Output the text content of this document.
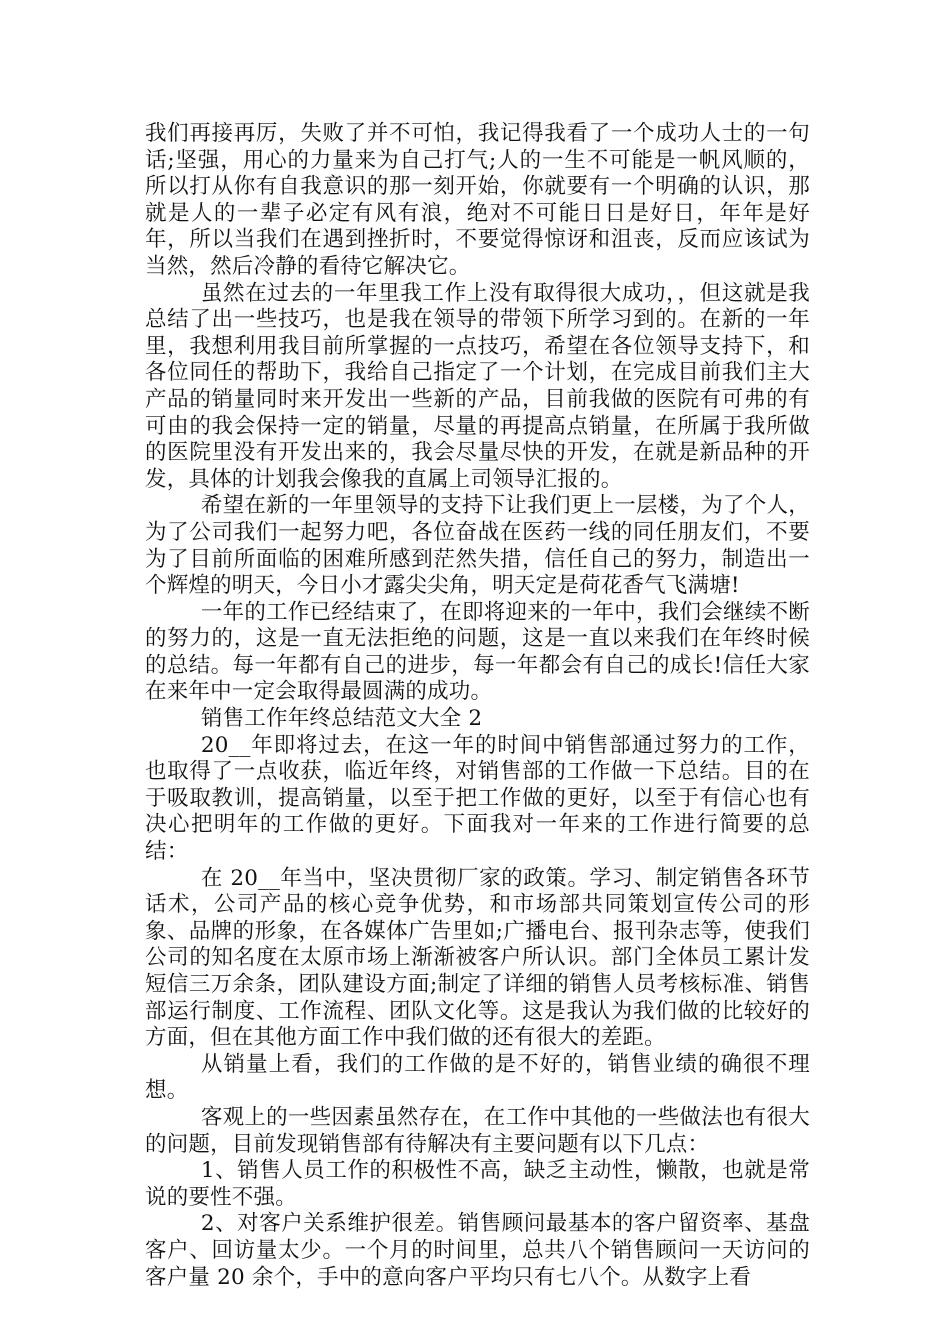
我们再接再厉，失败了并不可怕，我记得我看了一个成功人士的一句话;坚强，用心的力量来为自己打气;人的一生不可能是一帆风顺的，所以打从你有自我意识的那一刻开始，你就要有一个明确的认识，那就是人的一辈子必定有风有浪，绝对不可能日日是好日，年年是好年，所以当我们在遇到挫折时，不要觉得惊讶和沮丧，反而应该试为当然，然后冷静的看待它解决它。

虽然在过去的一年里我工作上没有取得很大成功，，但这就是我总结了出一些技巧，也是我在领导的带领下所学习到的。在新的一年里，我想利用我目前所掌握的一点技巧，希望在各位领导支持下，和各位同任的帮助下，我给自己指定了一个计划，在完成目前我们主大产品的销量同时来开发出一些新的产品，目前我做的医院有可弗的有可由的我会保持一定的销量，尽量的再提高点销量，在所属于我所做的医院里没有开发出来的，我会尽量尽快的开发，在就是新品种的开发，具体的计划我会像我的直属上司领导汇报的。

希望在新的一年里领导的支持下让我们更上一层楼，为了个人，为了公司我们一起努力吧，各位奋战在医药一线的同任朋友们，不要为了目前所面临的困难所感到茫然失措，信任自己的努力，制造出一个辉煌的明天，今日小才露尖尖角，明天定是荷花香气飞满塘!

一年的工作已经结束了，在即将迎来的一年中，我们会继续不断的努力的，这是一直无法拒绝的问题，这是一直以来我们在年终时候的总结。每一年都有自己的进步，每一年都会有自己的成长!信任大家在来年中一定会取得最圆满的成功。

销售工作年终总结范文大全 2

20__年即将过去，在这一年的时间中销售部通过努力的工作，也取得了一点收获，临近年终，对销售部的工作做一下总结。目的在于吸取教训，提高销量，以至于把工作做的更好，以至于有信心也有决心把明年的工作做的更好。下面我对一年来的工作进行简要的总结：

在 20__年当中，坚决贯彻厂家的政策。学习、制定销售各环节话术，公司产品的核心竞争优势，和市场部共同策划宣传公司的形象、品牌的形象，在各媒体广告里如;广播电台、报刊杂志等，使我们公司的知名度在太原市场上渐渐被客户所认识。部门全体员工累计发短信三万余条，团队建设方面;制定了详细的销售人员考核标准、销售部运行制度、工作流程、团队文化等。这是我认为我们做的比较好的方面，但在其他方面工作中我们做的还有很大的差距。

从销量上看，我们的工作做的是不好的，销售业绩的确很不理想。

客观上的一些因素虽然存在，在工作中其他的一些做法也有很大的问题，目前发现销售部有待解决有主要问题有以下几点：

1、销售人员工作的积极性不高，缺乏主动性，懒散，也就是常说的要性不强。

2、对客户关系维护很差。销售顾问最基本的客户留资率、基盘客户、回访量太少。一个月的时间里，总共八个销售顾问一天访问的客户量 20 余个，手中的意向客户平均只有七八个。从数字上看
